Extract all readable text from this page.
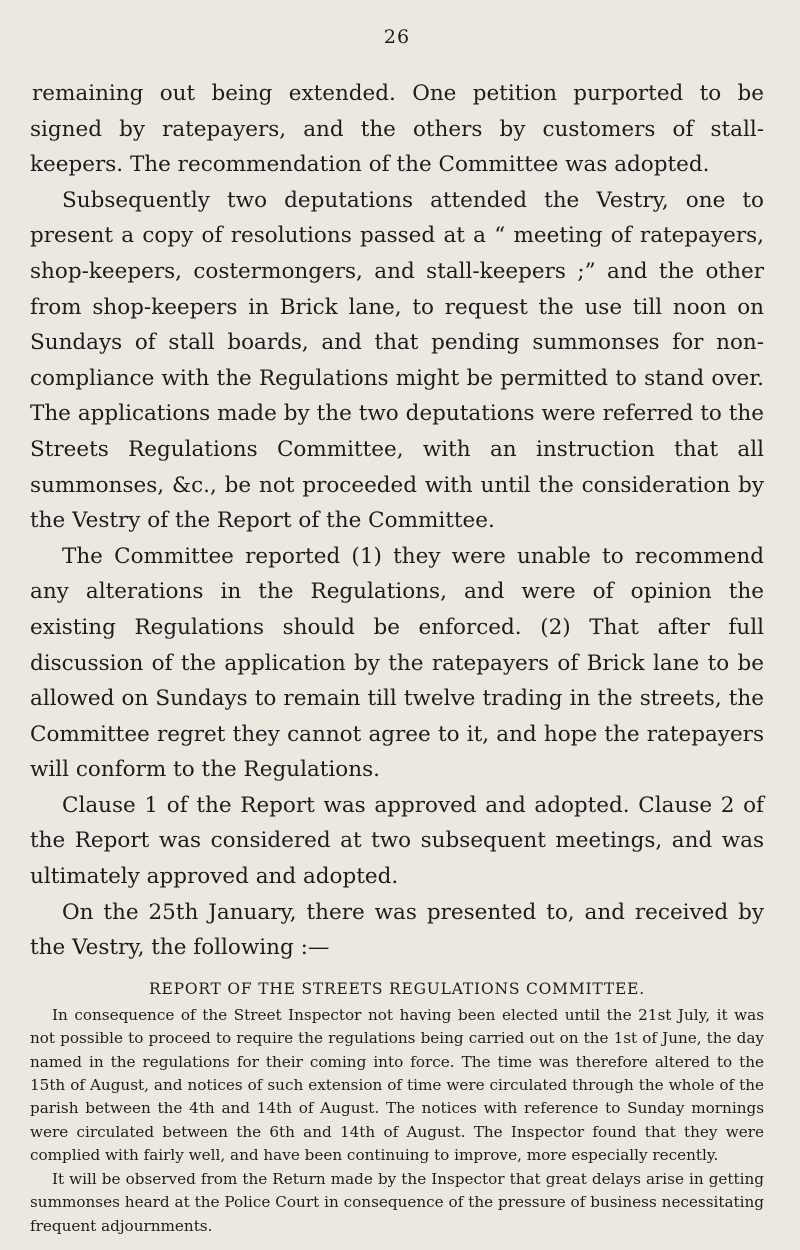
26

remaining out being extended. One petition purported to be signed by ratepayers, and the others by customers of stall-keepers. The recommendation of the Committee was adopted.

Subsequently two deputations attended the Vestry, one to present a copy of resolutions passed at a “ meeting of ratepayers, shop-keepers, costermongers, and stall-keepers ;” and the other from shop-keepers in Brick lane, to request the use till noon on Sundays of stall boards, and that pending summonses for non-compliance with the Regulations might be permitted to stand over. The applications made by the two deputations were referred to the Streets Regulations Committee, with an instruction that all summonses, &c., be not proceeded with until the consideration by the Vestry of the Report of the Committee.

The Committee reported (1) they were unable to recommend any alterations in the Regulations, and were of opinion the existing Regulations should be enforced. (2) That after full discussion of the application by the ratepayers of Brick lane to be allowed on Sundays to remain till twelve trading in the streets, the Committee regret they cannot agree to it, and hope the ratepayers will conform to the Regulations.

Clause 1 of the Report was approved and adopted. Clause 2 of the Report was considered at two subsequent meetings, and was ultimately approved and adopted.

On the 25th January, there was presented to, and received by the Vestry, the following :—

REPORT OF THE STREETS REGULATIONS COMMITTEE.

In consequence of the Street Inspector not having been elected until the 21st July, it was not possible to proceed to require the regulations being carried out on the 1st of June, the day named in the regulations for their coming into force. The time was therefore altered to the 15th of August, and notices of such extension of time were circulated through the whole of the parish between the 4th and 14th of August. The notices with reference to Sunday mornings were circulated between the 6th and 14th of August. The Inspector found that they were complied with fairly well, and have been continuing to improve, more especially recently.

It will be observed from the Return made by the Inspector that great delays arise in getting summonses heard at the Police Court in consequence of the pressure of business necessitating frequent adjournments.
